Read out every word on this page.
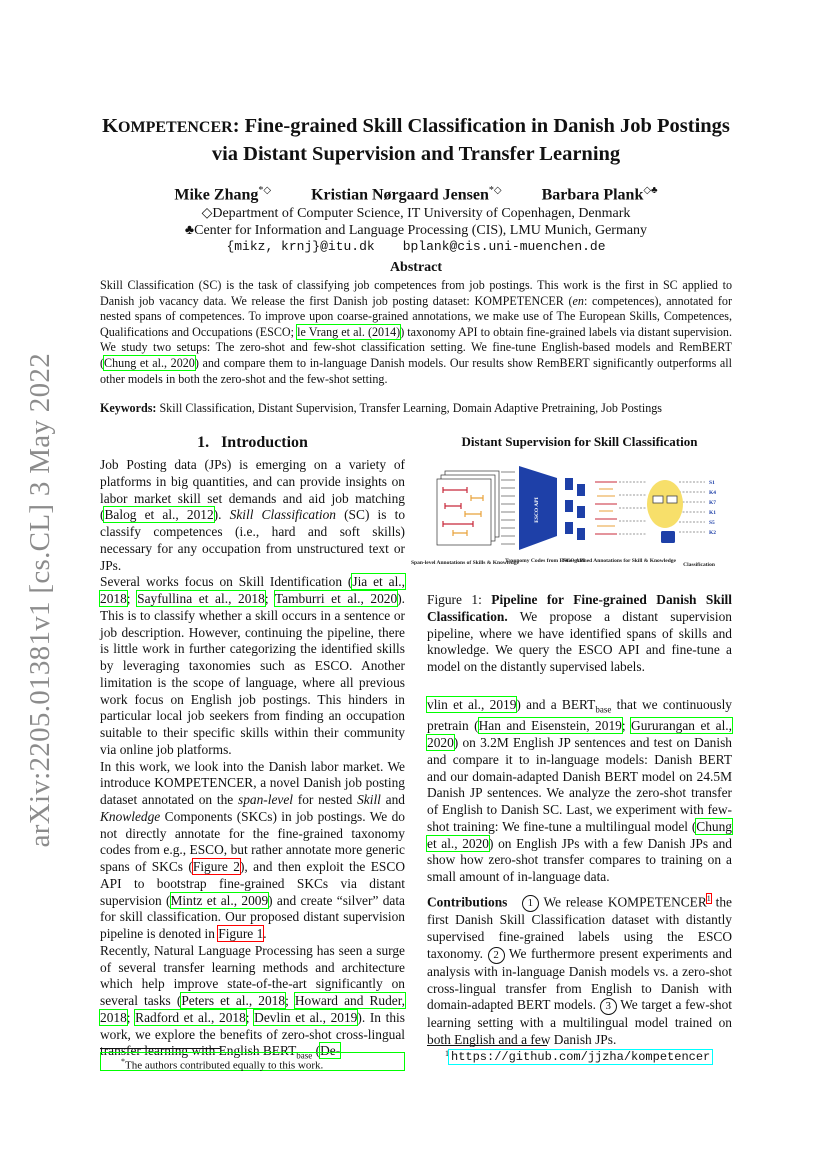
arXiv:2205.01381v1 [cs.CL] 3 May 2022
KOMPETENCER: Fine-grained Skill Classification in Danish Job Postings
via Distant Supervision and Transfer Learning
Mike Zhang*◇	Kristian Nørgaard Jensen*◇	Barbara Plank◇♣
◇Department of Computer Science, IT University of Copenhagen, Denmark
♣Center for Information and Language Processing (CIS), LMU Munich, Germany
{mikz, krnj}@itu.dk bplank@cis.uni-muenchen.de
Abstract
Skill Classification (SC) is the task of classifying job competences from job postings. This work is the first in SC applied to Danish job vacancy data. We release the first Danish job posting dataset: KOMPETENCER (en: competences), annotated for nested spans of competences. To improve upon coarse-grained annotations, we make use of The European Skills, Competences, Qualifications and Occupations (ESCO; le Vrang et al. (2014)) taxonomy API to obtain fine-grained labels via distant supervision. We study two setups: The zero-shot and few-shot classification setting. We fine-tune English-based models and RemBERT (Chung et al., 2020) and compare them to in-language Danish models. Our results show RemBERT significantly outperforms all other models in both the zero-shot and the few-shot setting.
Keywords: Skill Classification, Distant Supervision, Transfer Learning, Domain Adaptive Pretraining, Job Postings
1. Introduction

Job Posting data (JPs) is emerging on a variety of platforms in big quantities, and can provide insights on labor market skill set demands and aid job matching (Balog et al., 2012). Skill Classification (SC) is to classify competences (i.e., hard and soft skills) necessary for any occupation from unstructured text or JPs.

Several works focus on Skill Identification (Jia et al., 2018; Sayfullina et al., 2018; Tamburri et al., 2020). This is to classify whether a skill occurs in a sentence or job description. However, continuing the pipeline, there is little work in further categorizing the identified skills by leveraging taxonomies such as ESCO. Another limitation is the scope of language, where all previous work focus on English job postings. This hinders in particular local job seekers from finding an occupation suitable to their specific skills within their community via online job platforms.

In this work, we look into the Danish labor market. We introduce KOMPETENCER, a novel Danish job posting dataset annotated on the span-level for nested Skill and Knowledge Components (SKCs) in job postings. We do not directly annotate for the fine-grained taxonomy codes from e.g., ESCO, but rather annotate more generic spans of SKCs (Figure 2), and then exploit the ESCO API to bootstrap fine-grained SKCs via distant supervision (Mintz et al., 2009) and create “silver” data for skill classification. Our proposed distant supervision pipeline is denoted in Figure 1.

Recently, Natural Language Processing has seen a surge of several transfer learning methods and architecture which help improve state-of-the-art significantly on several tasks (Peters et al., 2018; Howard and Ruder, 2018; Radford et al., 2018; Devlin et al., 2019). In this work, we explore the benefits of zero-shot cross-lingual transfer learning with English $BERT_{base}$ (De-

*The authors contributed equally to this work.
Distant Supervision for Skill Classification
ESCO API
S1
K4
K7
K1
S5
K2
Span-level Annotations of Skills & Knowledge
Taxonomy Codes from ESCO API
Fine-grained Annotations for Skill & Knowledge
Classification
Figure 1: Pipeline for Fine-grained Danish Skill Classification. We propose a distant supervision pipeline, where we have identified spans of skills and knowledge. We query the ESCO API and fine-tune a model on the distantly supervised labels.

vlin et al., 2019) and a $BERT_{base}$ that we continuously pretrain (Han and Eisenstein, 2019; Gururangan et al., 2020) on 3.2M English JP sentences and test on Danish and compare it to in-language models: Danish BERT and our domain-adapted Danish BERT model on 24.5M Danish JP sentences. We analyze the zero-shot transfer of English to Danish SC. Last, we experiment with few-shot training: We fine-tune a multilingual model (Chung et al., 2020) on English JPs with a few Danish JPs and show how zero-shot transfer compares to training on a small amount of in-language data.

Contributions 1 We release KOMPETENCER$^1$ the first Danish Skill Classification dataset with distantly supervised fine-grained labels using the ESCO taxonomy. 2 We furthermore present experiments and analysis with in-language Danish models vs. a zero-shot cross-lingual transfer from English to Danish with domain-adapted BERT models. 3 We target a few-shot learning setting with a multilingual model trained on both English and a few Danish JPs.

$^1$ https://github.com/jjzha/kompetencer
